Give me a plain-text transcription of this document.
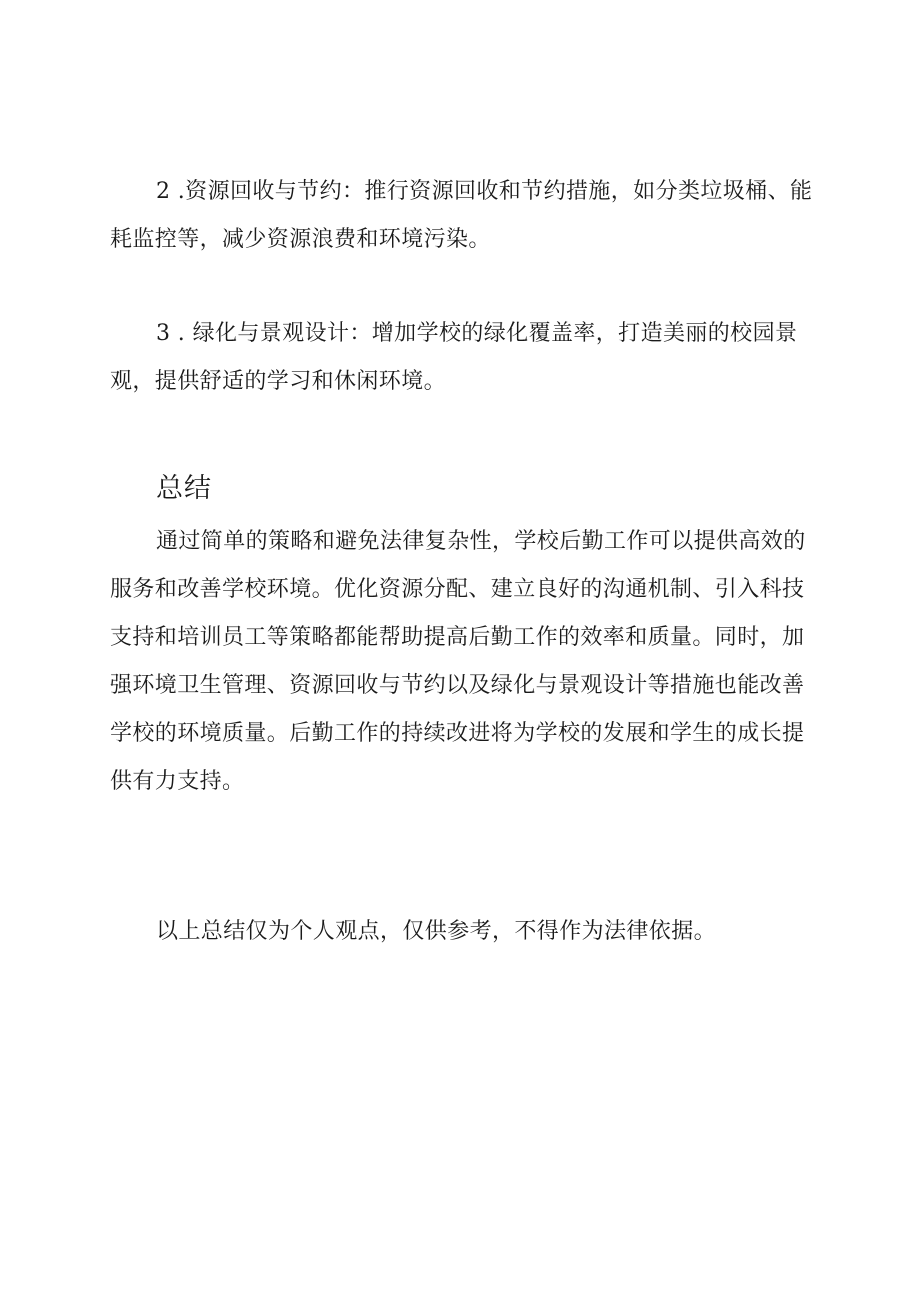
2 .资源回收与节约：推行资源回收和节约措施，如分类垃圾桶、能耗监控等，减少资源浪费和环境污染。

3 . 绿化与景观设计：增加学校的绿化覆盖率，打造美丽的校园景观，提供舒适的学习和休闲环境。

总结

通过简单的策略和避免法律复杂性，学校后勤工作可以提供高效的服务和改善学校环境。优化资源分配、建立良好的沟通机制、引入科技支持和培训员工等策略都能帮助提高后勤工作的效率和质量。同时，加强环境卫生管理、资源回收与节约以及绿化与景观设计等措施也能改善学校的环境质量。后勤工作的持续改进将为学校的发展和学生的成长提供有力支持。

以上总结仅为个人观点，仅供参考，不得作为法律依据。
